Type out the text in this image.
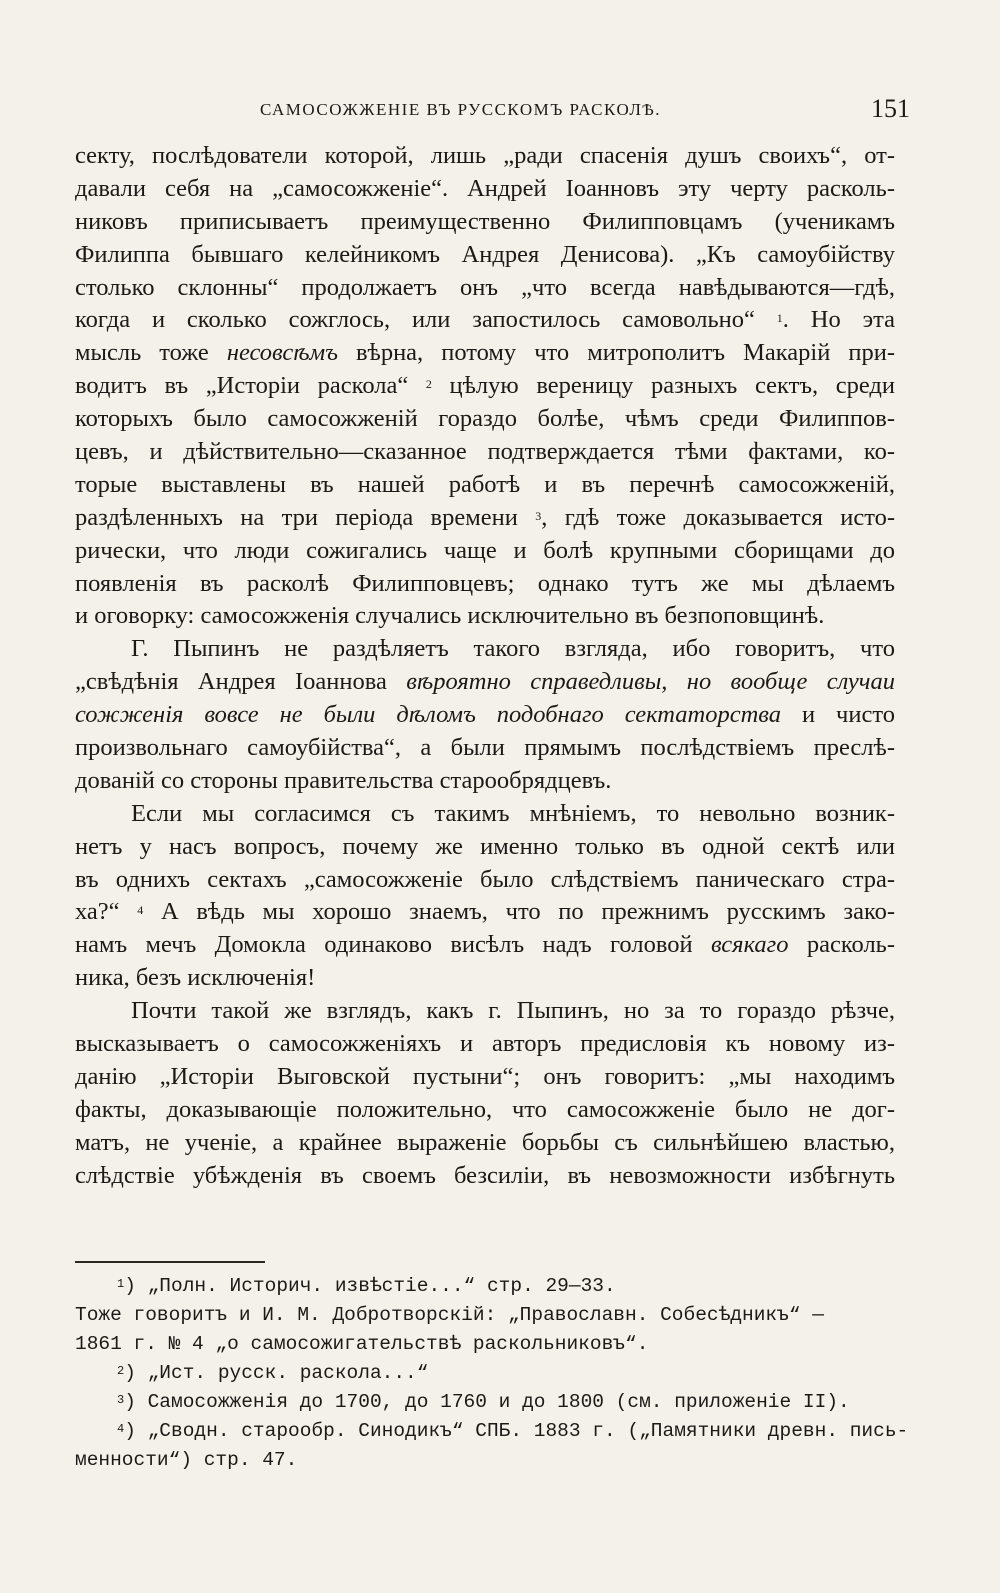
САМОСОЖЖЕНІЕ ВЪ РУССКОМЪ РАСКОЛѢ.	151
секту, послѣдователи которой, лишь „ради спасенія душъ своихъ“, от-
давали себя на „самосожженіе“. Андрей Іоанновъ эту черту расколь-
никовъ приписываетъ преимущественно Филипповцамъ (ученикамъ
Филиппа бывшаго келейникомъ Андрея Денисова). „Къ самоубійству
столько склонны“ продолжаетъ онъ „что всегда навѣдываются—гдѣ,
когда и сколько сожглось, или запостилось самовольно“ $^1$. Но эта
мысль тоже несовсѣмъ вѣрна, потому что митрополитъ Макарій при-
водитъ въ „Исторіи раскола“ $^2$ цѣлую вереницу разныхъ сектъ, среди
которыхъ было самосожженій гораздо болѣе, чѣмъ среди Филиппов-
цевъ, и дѣйствительно—сказанное подтверждается тѣми фактами, ко-
торые выставлены въ нашей работѣ и въ перечнѣ самосожженій,
раздѣленныхъ на три періода времени $^3$, гдѣ тоже доказывается исто-
рически, что люди сожигались чаще и болѣ крупными сборищами до
появленія въ расколѣ Филипповцевъ; однако тутъ же мы дѣлаемъ
и оговорку: самосожженія случались исключительно въ безпоповщинѣ.
Г. Пыпинъ не раздѣляетъ такого взгляда, ибо говоритъ, что
„свѣдѣнія Андрея Іоаннова вѣроятно справедливы, но вообще случаи
сожженія вовсе не были дѣломъ подобнаго сектаторства и чисто
произвольнаго самоубійства“, а были прямымъ послѣдствіемъ преслѣ-
дованій со стороны правительства старообрядцевъ.
Если мы согласимся съ такимъ мнѣніемъ, то невольно возник-
нетъ у насъ вопросъ, почему же именно только въ одной сектѣ или
въ однихъ сектахъ „самосожженіе было слѣдствіемъ паническаго стра-
ха?“ $^4$ А вѣдь мы хорошо знаемъ, что по прежнимъ русскимъ зако-
намъ мечъ Домокла одинаково висѣлъ надъ головой всякаго расколь-
ника, безъ исключенія!
Почти такой же взглядъ, какъ г. Пыпинъ, но за то гораздо рѣзче,
высказываетъ о самосожженіяхъ и авторъ предисловія къ новому из-
данію „Исторіи Выговской пустыни“; онъ говоритъ: „мы находимъ
факты, доказывающіе положительно, что самосожженіе было не дог-
матъ, не ученіе, а крайнее выраженіе борьбы съ сильнѣйшею властью,
слѣдствіе убѣжденія въ своемъ безсиліи, въ невозможности избѣгнуть
$^1$) „Полн. Историч. извѣстіе...“ стр. 29—33.
Тоже говоритъ и И. М. Добротворскій: „Православн. Собесѣдникъ“ —
1861 г. № 4 „о самосожигательствѣ раскольниковъ“.
$^2$) „Ист. русск. раскола...“
$^3$) Самосожженія до 1700, до 1760 и до 1800 (см. приложеніе II).
$^4$) „Сводн. старообр. Синодикъ“ СПБ. 1883 г. („Памятники древн. пись-
менности“) стр. 47.
